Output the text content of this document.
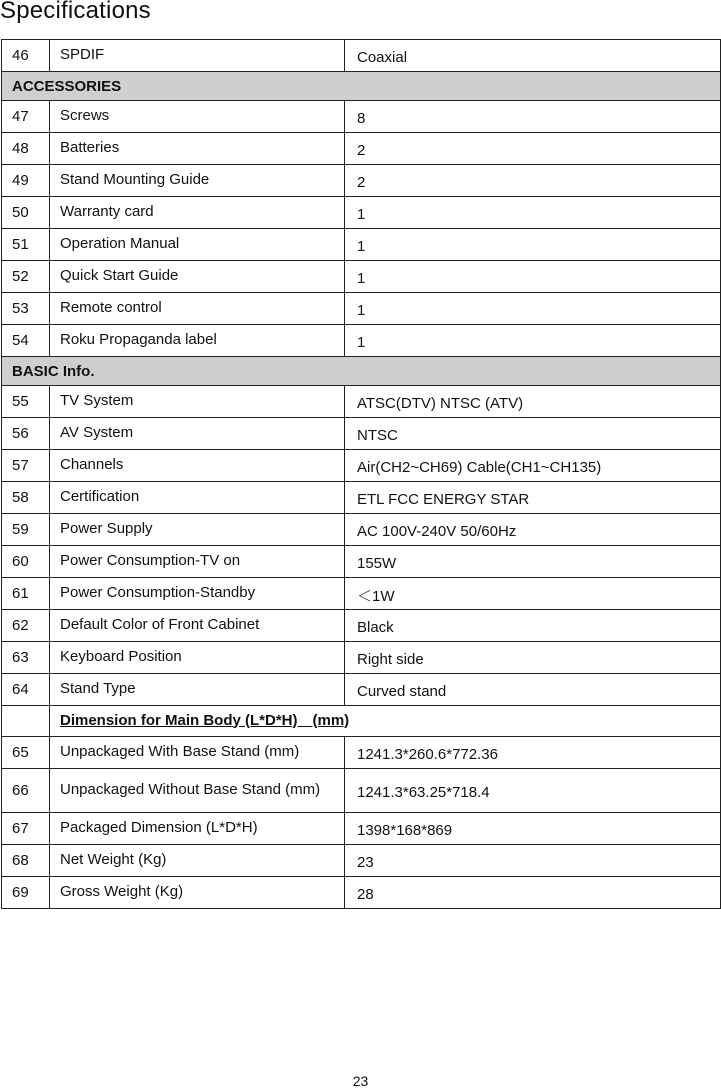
Specifications
46	SPDIF	Coaxial
ACCESSORIES		
47	Screws	8
48	Batteries	2
49	Stand Mounting Guide	2
50	Warranty card	1
51	Operation Manual	1
52	Quick Start Guide	1
53	Remote control	1
54	Roku Propaganda label	1
BASIC Info.		
55	TV System	ATSC(DTV) NTSC (ATV)
56	AV System	NTSC
57	Channels	Air(CH2~CH69) Cable(CH1~CH135)
58	Certification	ETL FCC ENERGY STAR
59	Power Supply	AC 100V-240V 50/60Hz
60	Power Consumption-TV on	155W
61	Power Consumption-Standby	＜1W
62	Default Color of Front Cabinet	Black
63	Keyboard Position	Right side
64	Stand Type	Curved stand
	Dimension for Main Body (L*D*H) (mm)	
65	Unpackaged With Base Stand (mm)	1241.3*260.6*772.36
66	Unpackaged Without Base Stand (mm)	1241.3*63.25*718.4
67	Packaged Dimension (L*D*H)	1398*168*869
68	Net Weight (Kg)	23
69	Gross Weight (Kg)	28
23
